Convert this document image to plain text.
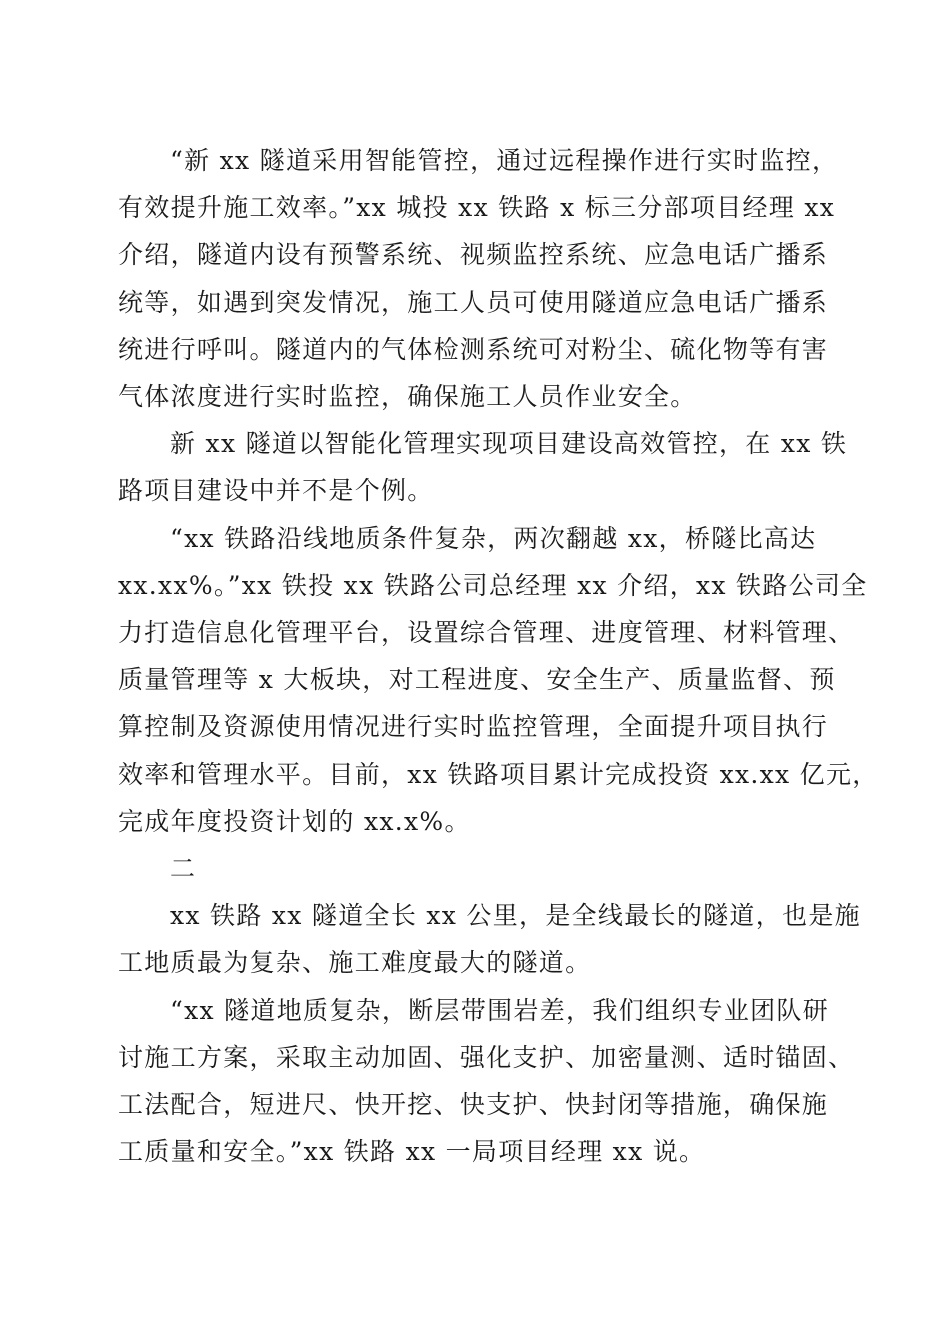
“新 xx 隧道采用智能管控，通过远程操作进行实时监控，
有效提升施工效率。”xx 城投 xx 铁路 x 标三分部项目经理 xx
介绍，隧道内设有预警系统、视频监控系统、应急电话广播系
统等，如遇到突发情况，施工人员可使用隧道应急电话广播系
统进行呼叫。隧道内的气体检测系统可对粉尘、硫化物等有害
气体浓度进行实时监控，确保施工人员作业安全。
新 xx 隧道以智能化管理实现项目建设高效管控，在 xx 铁
路项目建设中并不是个例。
“xx 铁路沿线地质条件复杂，两次翻越 xx，桥隧比高达
xx.xx%。”xx 铁投 xx 铁路公司总经理 xx 介绍，xx 铁路公司全
力打造信息化管理平台，设置综合管理、进度管理、材料管理、
质量管理等 x 大板块，对工程进度、安全生产、质量监督、预
算控制及资源使用情况进行实时监控管理，全面提升项目执行
效率和管理水平。目前，xx 铁路项目累计完成投资 xx.xx 亿元，
完成年度投资计划的 xx.x%。
二
xx 铁路 xx 隧道全长 xx 公里，是全线最长的隧道，也是施
工地质最为复杂、施工难度最大的隧道。
“xx 隧道地质复杂，断层带围岩差，我们组织专业团队研
讨施工方案，采取主动加固、强化支护、加密量测、适时锚固、
工法配合，短进尺、快开挖、快支护、快封闭等措施，确保施
工质量和安全。”xx 铁路 xx 一局项目经理 xx 说。
